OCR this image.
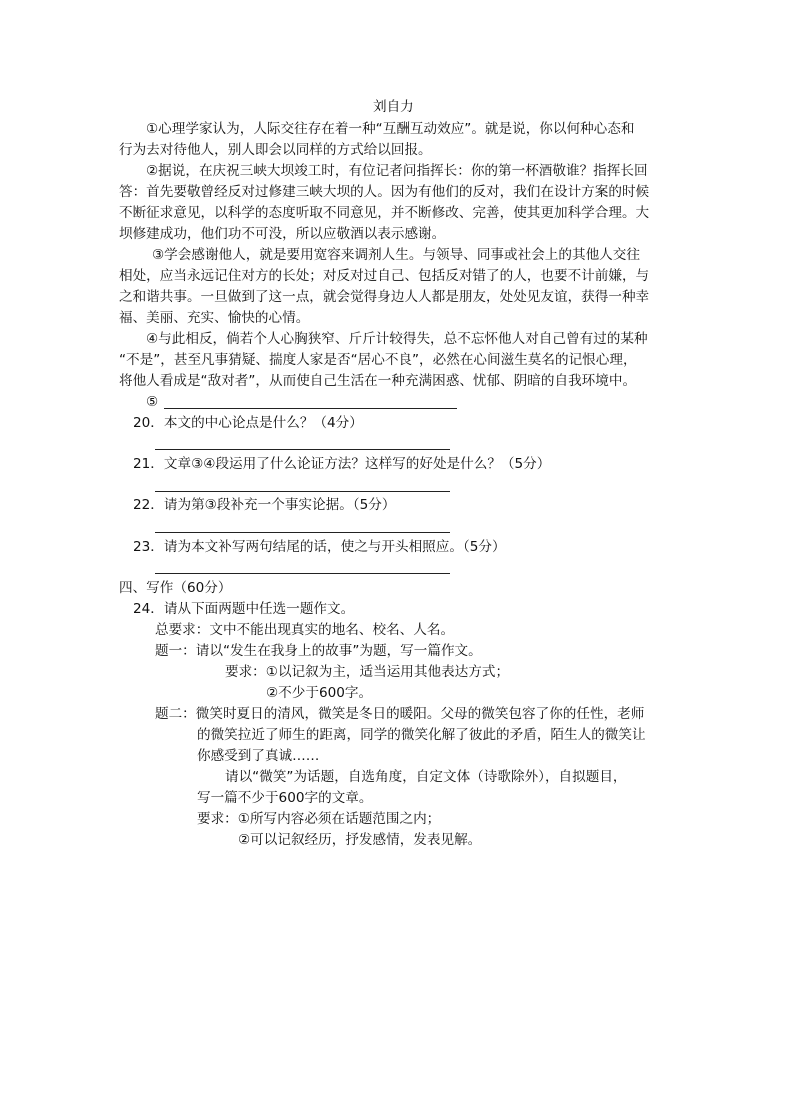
刘自力
①心理学家认为，人际交往存在着一种“互酬互动效应”。就是说，你以何种心态和
行为去对待他人，别人即会以同样的方式给以回报。
②据说，在庆祝三峡大坝竣工时，有位记者问指挥长：你的第一杯酒敬谁？指挥长回
答：首先要敬曾经反对过修建三峡大坝的人。因为有他们的反对，我们在设计方案的时候
不断征求意见，以科学的态度听取不同意见，并不断修改、完善，使其更加科学合理。大
坝修建成功，他们功不可没，所以应敬酒以表示感谢。
③学会感谢他人，就是要用宽容来调剂人生。与领导、同事或社会上的其他人交往
相处，应当永远记住对方的长处；对反对过自己、包括反对错了的人，也要不计前嫌，与
之和谐共事。一旦做到了这一点，就会觉得身边人人都是朋友，处处见友谊，获得一种幸
福、美丽、充实、愉快的心情。
④与此相反，倘若个人心胸狭窄、斤斤计较得失，总不忘怀他人对自己曾有过的某种
“不是”，甚至凡事猜疑、揣度人家是否“居心不良”，必然在心间滋生莫名的记恨心理，
将他人看成是“敌对者”，从而使自己生活在一种充满困惑、忧郁、阴暗的自我环境中。
⑤
20．本文的中心论点是什么？（4分）
21．文章③④段运用了什么论证方法？这样写的好处是什么？（5分）
22．请为第③段补充一个事实论据。（5分）
23．请为本文补写两句结尾的话，使之与开头相照应。（5分）
四、写作（60分）
24．请从下面两题中任选一题作文。
总要求：文中不能出现真实的地名、校名、人名。
题一：请以“发生在我身上的故事”为题，写一篇作文。
要求：①以记叙为主，适当运用其他表达方式；
②不少于600字。
题二：微笑时夏日的清风，微笑是冬日的暖阳。父母的微笑包容了你的任性，老师
的微笑拉近了师生的距离，同学的微笑化解了彼此的矛盾，陌生人的微笑让
你感受到了真诚……
请以“微笑”为话题，自选角度，自定文体（诗歌除外），自拟题目，
写一篇不少于600字的文章。
要求：①所写内容必须在话题范围之内；
②可以记叙经历，抒发感情，发表见解。
